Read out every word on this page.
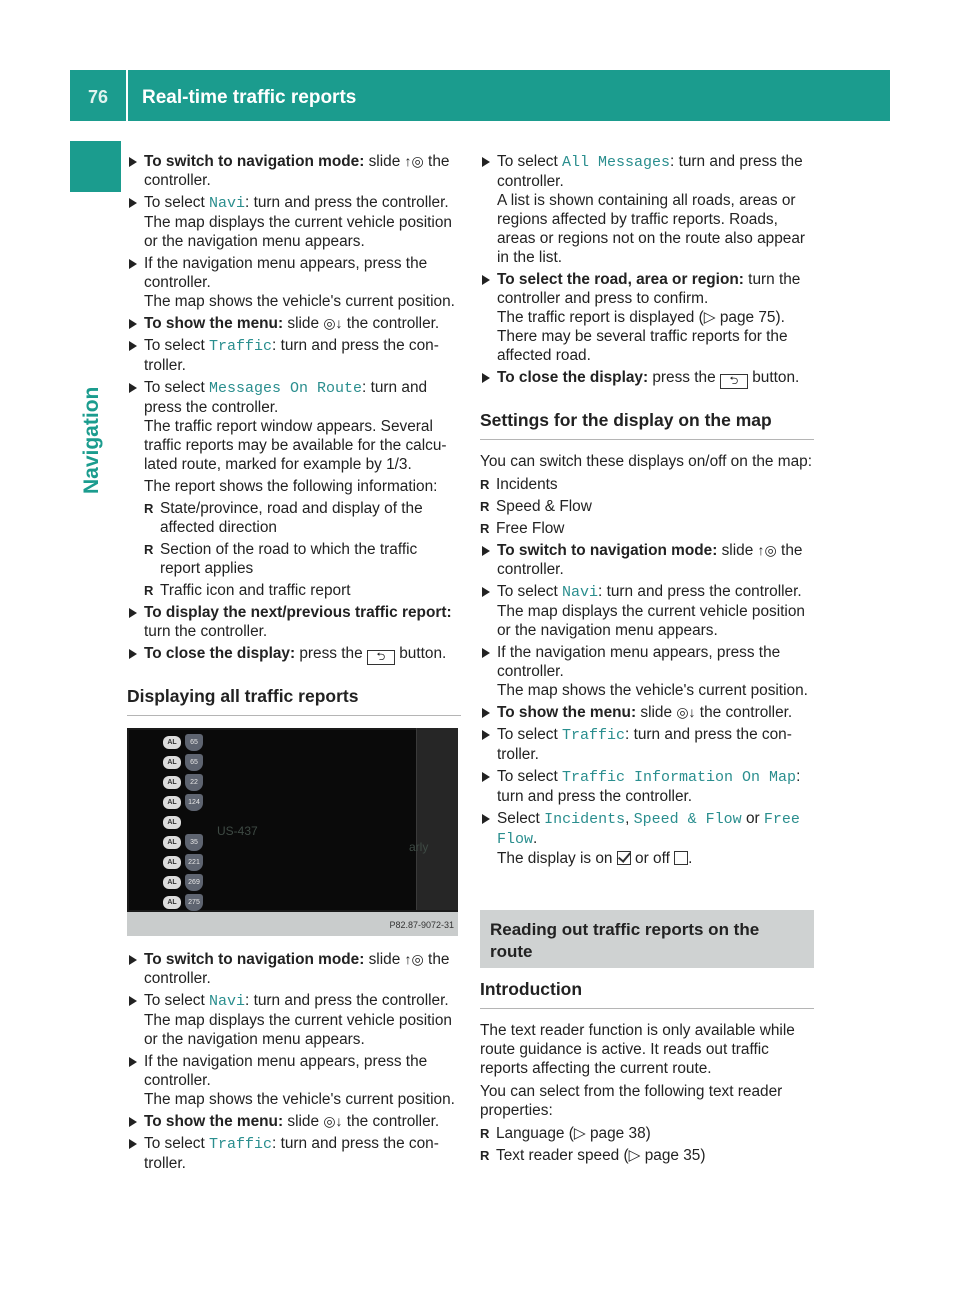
76 Real-time traffic reports
Navigation
To switch to navigation mode: slide ↑◎ the controller.
To select Navi: turn and press the controller.
The map displays the current vehicle position or the navigation menu appears.
If the navigation menu appears, press the controller.
The map shows the vehicle's current position.
To show the menu: slide ◎↓ the controller.
To select Traffic: turn and press the con-troller.
To select Messages On Route: turn and press the controller.
The traffic report window appears. Several traffic reports may be available for the calcu-lated route, marked for example by 1/3.
The report shows the following information:
R State/province, road and display of the affected direction
R Section of the road to which the traffic report applies
R Traffic icon and traffic report
To display the next/previous traffic report: turn the controller.
To close the display: press the ⮌ button.
Displaying all traffic reports
US-437
arly
AL	65
AL	65
AL	22
AL	124
AL
AL	35
AL	221
AL	269
AL	275
P82.87-9072-31
To switch to navigation mode: slide ↑◎ the controller.
To select Navi: turn and press the controller.
The map displays the current vehicle position or the navigation menu appears.
If the navigation menu appears, press the controller.
The map shows the vehicle's current position.
To show the menu: slide ◎↓ the controller.
To select Traffic: turn and press the con-troller.
To select All Messages: turn and press the controller.
A list is shown containing all roads, areas or regions affected by traffic reports. Roads, areas or regions not on the route also appear in the list.
To select the road, area or region: turn the controller and press to confirm.
The traffic report is displayed (▷ page 75).
There may be several traffic reports for the affected road.
To close the display: press the ⮌ button.
Settings for the display on the map
You can switch these displays on/off on the map:
R Incidents
R Speed & Flow
R Free Flow
To switch to navigation mode: slide ↑◎ the controller.
To select Navi: turn and press the controller.
The map displays the current vehicle position or the navigation menu appears.
If the navigation menu appears, press the controller.
The map shows the vehicle's current position.
To show the menu: slide ◎↓ the controller.
To select Traffic: turn and press the con-troller.
To select Traffic Information On Map:
turn and press the controller.
Select Incidents, Speed & Flow or Free Flow.
The display is on  or off .
Reading out traffic reports on the route
Introduction
The text reader function is only available while route guidance is active. It reads out traffic reports affecting the current route.
You can select from the following text reader properties:
R Language (▷ page 38)
R Text reader speed (▷ page 35)
